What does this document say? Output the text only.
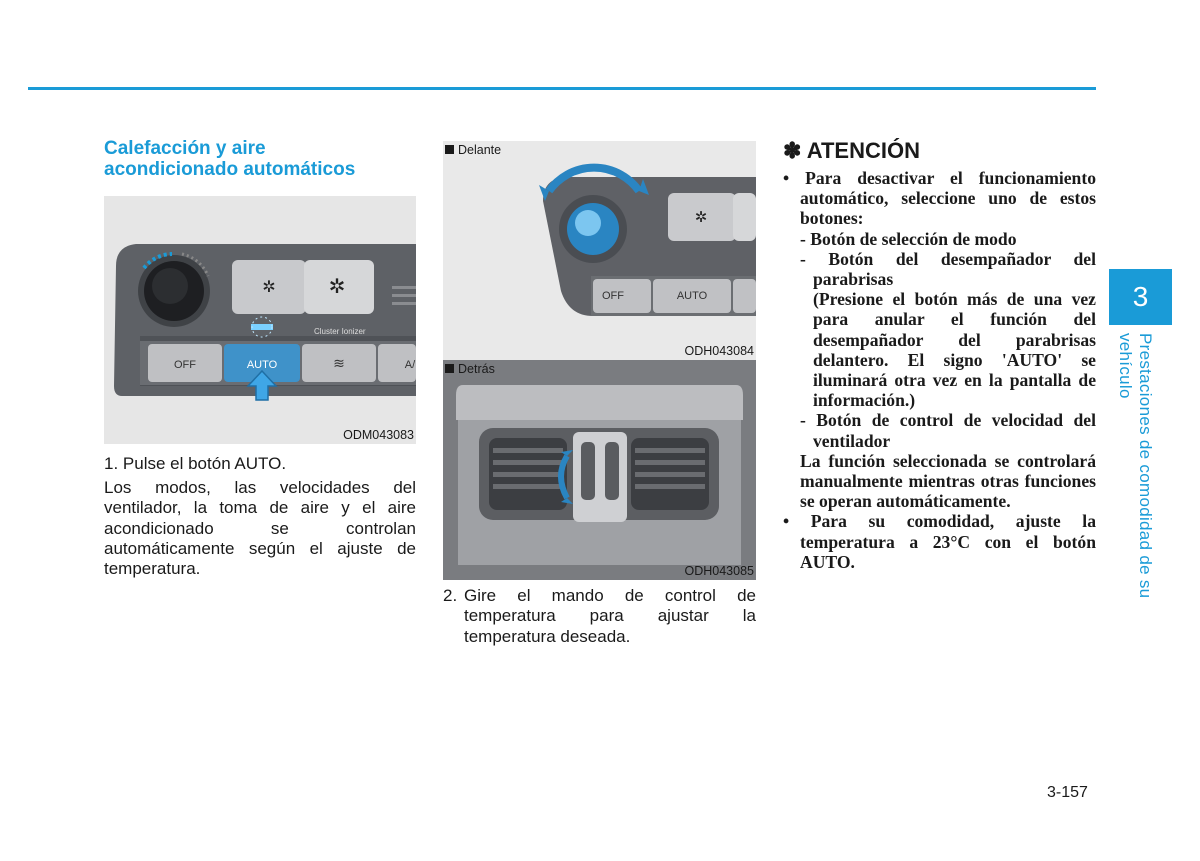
Calefacción y aire
acondicionado automáticos
✲	✲
Cluster Ionizer
OFF	AUTO	≋	A/
ODM043083
1. Pulse el botón AUTO.
Los modos, las velocidades del ventilador, la toma de aire y el aire acondicionado se controlan automáticamente según el ajuste de temperatura.
✲
OFF	AUTO
Delante
ODH043084
Detrás
ODH043085
2. Gire el mando de control de temperatura para ajustar la temperatura deseada.
✽ ATENCIÓN

• Para desactivar el funcionamiento

automático, seleccione uno de estos botones:

- Botón de selección de modo

- Botón del desempañador del parabrisas

(Presione el botón más de una vez para anular el función del desempañador del parabrisas delantero. El signo 'AUTO' se iluminará otra vez en la pantalla de información.)

- Botón de control de velocidad del ventilador

La función seleccionada se controlará manualmente mientras otras funciones se operan automáticamente.

• Para su comodidad, ajuste la temperatura a 23°C con el botón AUTO.

3
Prestaciones de comodidad de su vehículo
3-157
